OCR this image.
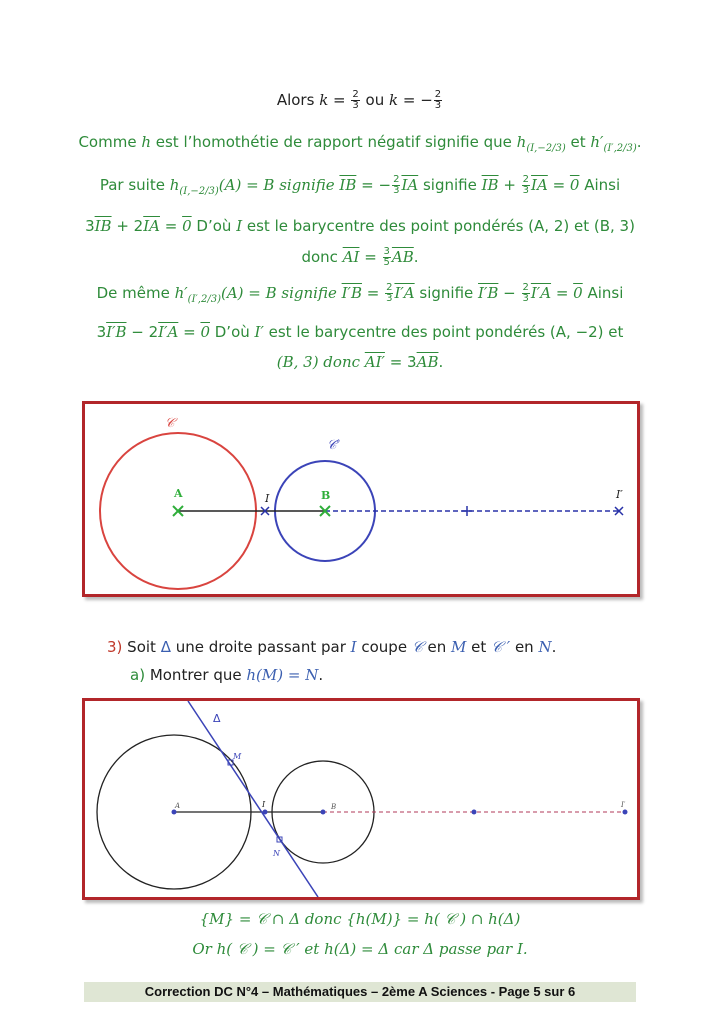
Alors $k = \frac{2}{3}$ ou k = − $\frac{2}{3}$
Comme h est l’homothétie de rapport négatif signifie que $h_{(I,-2/3)}$ et $h'_{(I',2/3)}$.
Par suite $h_{(I,-2/3)}(A) = B$ signifie $\overline{IB}$ = − $\frac{2}{3} \overline{IA}$ signifie $\overline{IB} + \frac{2}{3} \overline{IA} = 0$ Ainsi
$3\overline{IB} + 2\overline{IA} = 0$ D’où I est le barycentre des point pondérés (A, 2) et (B, 3)
donc $\overline{AI} = \frac{3}{5} \overline{AB}$.
De même $h'_{(I',2/3)}(A) = B$ signifie $I'B = \frac{2}{3} I'A$ signifie $I'B - \frac{2}{3} I'A = 0$ Ainsi
3I′B − 2I′A = 0 D’où I′ est le barycentre des point pondérés (A, −2) et
(B, 3) donc $AI' = 3\overline{AB}$.
𝒞
𝒞′
A	I	B	I′
3) Soit Δ une droite passant par I coupe 𝒞 en M et 𝒞 ′ en N.
a) Montrer que h(M) = N.
Δ
M
N
A	I	B	I′
{M} = 𝒞 ∩ Δ donc {h(M)} = h( 𝒞 ) ∩ h(Δ)
Or h( 𝒞 ) = 𝒞 ′ et h(Δ) = Δ car Δ passe par I.
Correction DC N°4 – Mathématiques – 2ème A Sciences - Page 5 sur 6
